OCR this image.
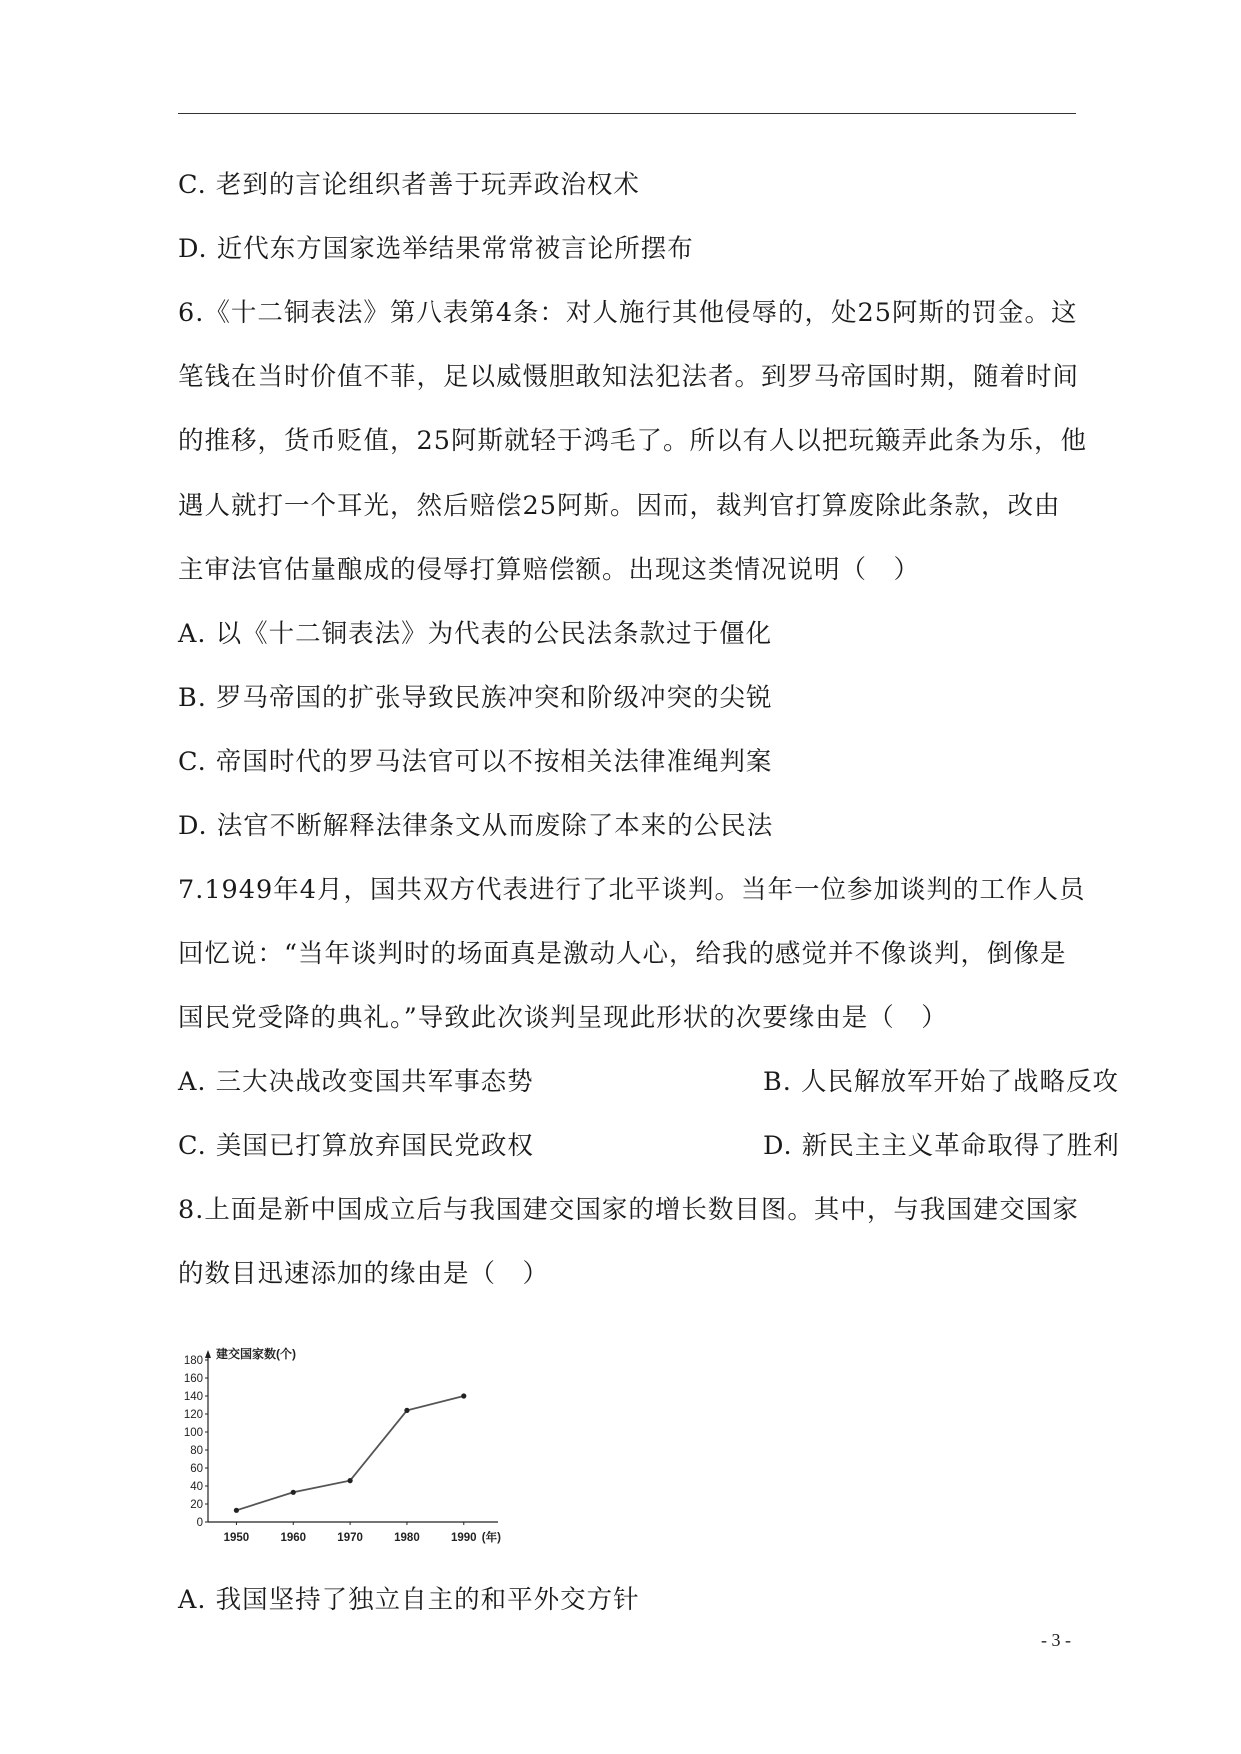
C. 老到的言论组织者善于玩弄政治权术
D. 近代东方国家选举结果常常被言论所摆布
6.《十二铜表法》第八表第4条：对人施行其他侵辱的，处25阿斯的罚金。这
笔钱在当时价值不菲，足以威慑胆敢知法犯法者。到罗马帝国时期，随着时间
的推移，货币贬值，25阿斯就轻于鸿毛了。所以有人以把玩簸弄此条为乐，他
遇人就打一个耳光，然后赔偿25阿斯。因而，裁判官打算废除此条款，改由
主审法官估量酿成的侵辱打算赔偿额。出现这类情况说明（　）
A. 以《十二铜表法》为代表的公民法条款过于僵化
B. 罗马帝国的扩张导致民族冲突和阶级冲突的尖锐
C. 帝国时代的罗马法官可以不按相关法律准绳判案
D. 法官不断解释法律条文从而废除了本来的公民法
7.1949年4月，国共双方代表进行了北平谈判。当年一位参加谈判的工作人员
回忆说：“当年谈判时的场面真是激动人心，给我的感觉并不像谈判，倒像是
国民党受降的典礼。”导致此次谈判呈现此形状的次要缘由是（　）
A. 三大决战改变国共军事态势	B. 人民解放军开始了战略反攻
C. 美国已打算放弃国民党政权	D. 新民主主义革命取得了胜利
8.上面是新中国成立后与我国建交国家的增长数目图。其中，与我国建交国家
的数目迅速添加的缘由是（　）
建交国家数(个)
0
20
40
60
80
100
120
140
160
180
1950	1960	1970	1980	1990 (年)
A. 我国坚持了独立自主的和平外交方针
- 3 -
